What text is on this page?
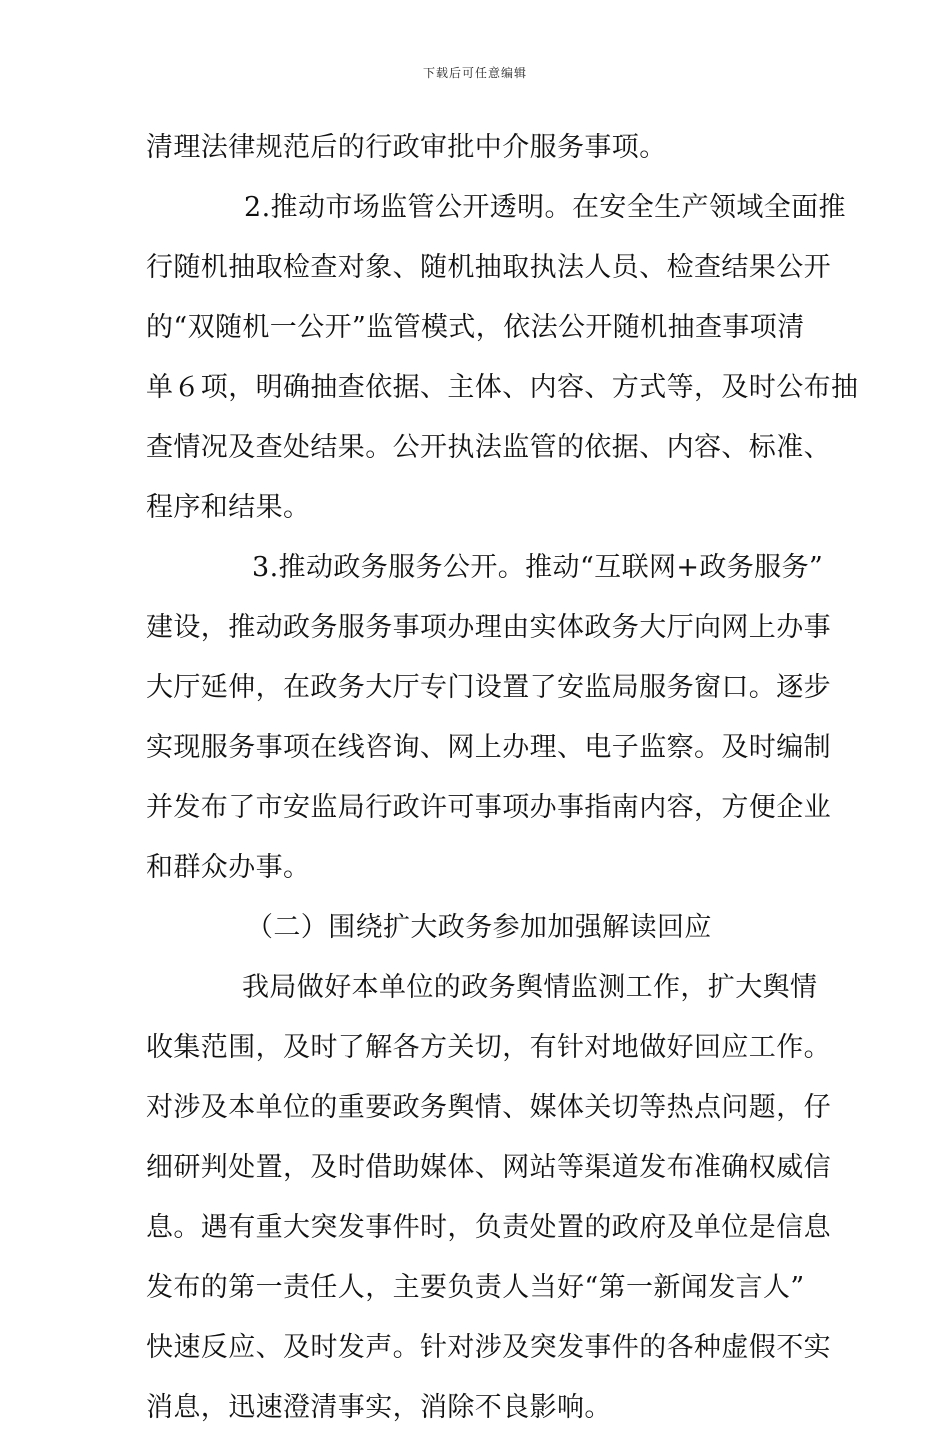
下载后可任意编辑
清理法律规范后的行政审批中介服务事项。
2.推动市场监管公开透明。在安全生产领域全面推
行随机抽取检查对象、随机抽取执法人员、检查结果公开
的“双随机一公开”监管模式，依法公开随机抽查事项清
单６项，明确抽查依据、主体、内容、方式等，及时公布抽
查情况及查处结果。公开执法监管的依据、内容、标准、
程序和结果。
3.推动政务服务公开。推动“互联网+政务服务”
建设，推动政务服务事项办理由实体政务大厅向网上办事
大厅延伸，在政务大厅专门设置了安监局服务窗口。逐步
实现服务事项在线咨询、网上办理、电子监察。及时编制
并发布了市安监局行政许可事项办事指南内容，方便企业
和群众办事。
（二）围绕扩大政务参加加强解读回应
我局做好本单位的政务舆情监测工作，扩大舆情
收集范围，及时了解各方关切，有针对地做好回应工作。
对涉及本单位的重要政务舆情、媒体关切等热点问题，仔
细研判处置，及时借助媒体、网站等渠道发布准确权威信
息。遇有重大突发事件时，负责处置的政府及单位是信息
发布的第一责任人，主要负责人当好“第一新闻发言人”
快速反应、及时发声。针对涉及突发事件的各种虚假不实
消息，迅速澄清事实，消除不良影响。
